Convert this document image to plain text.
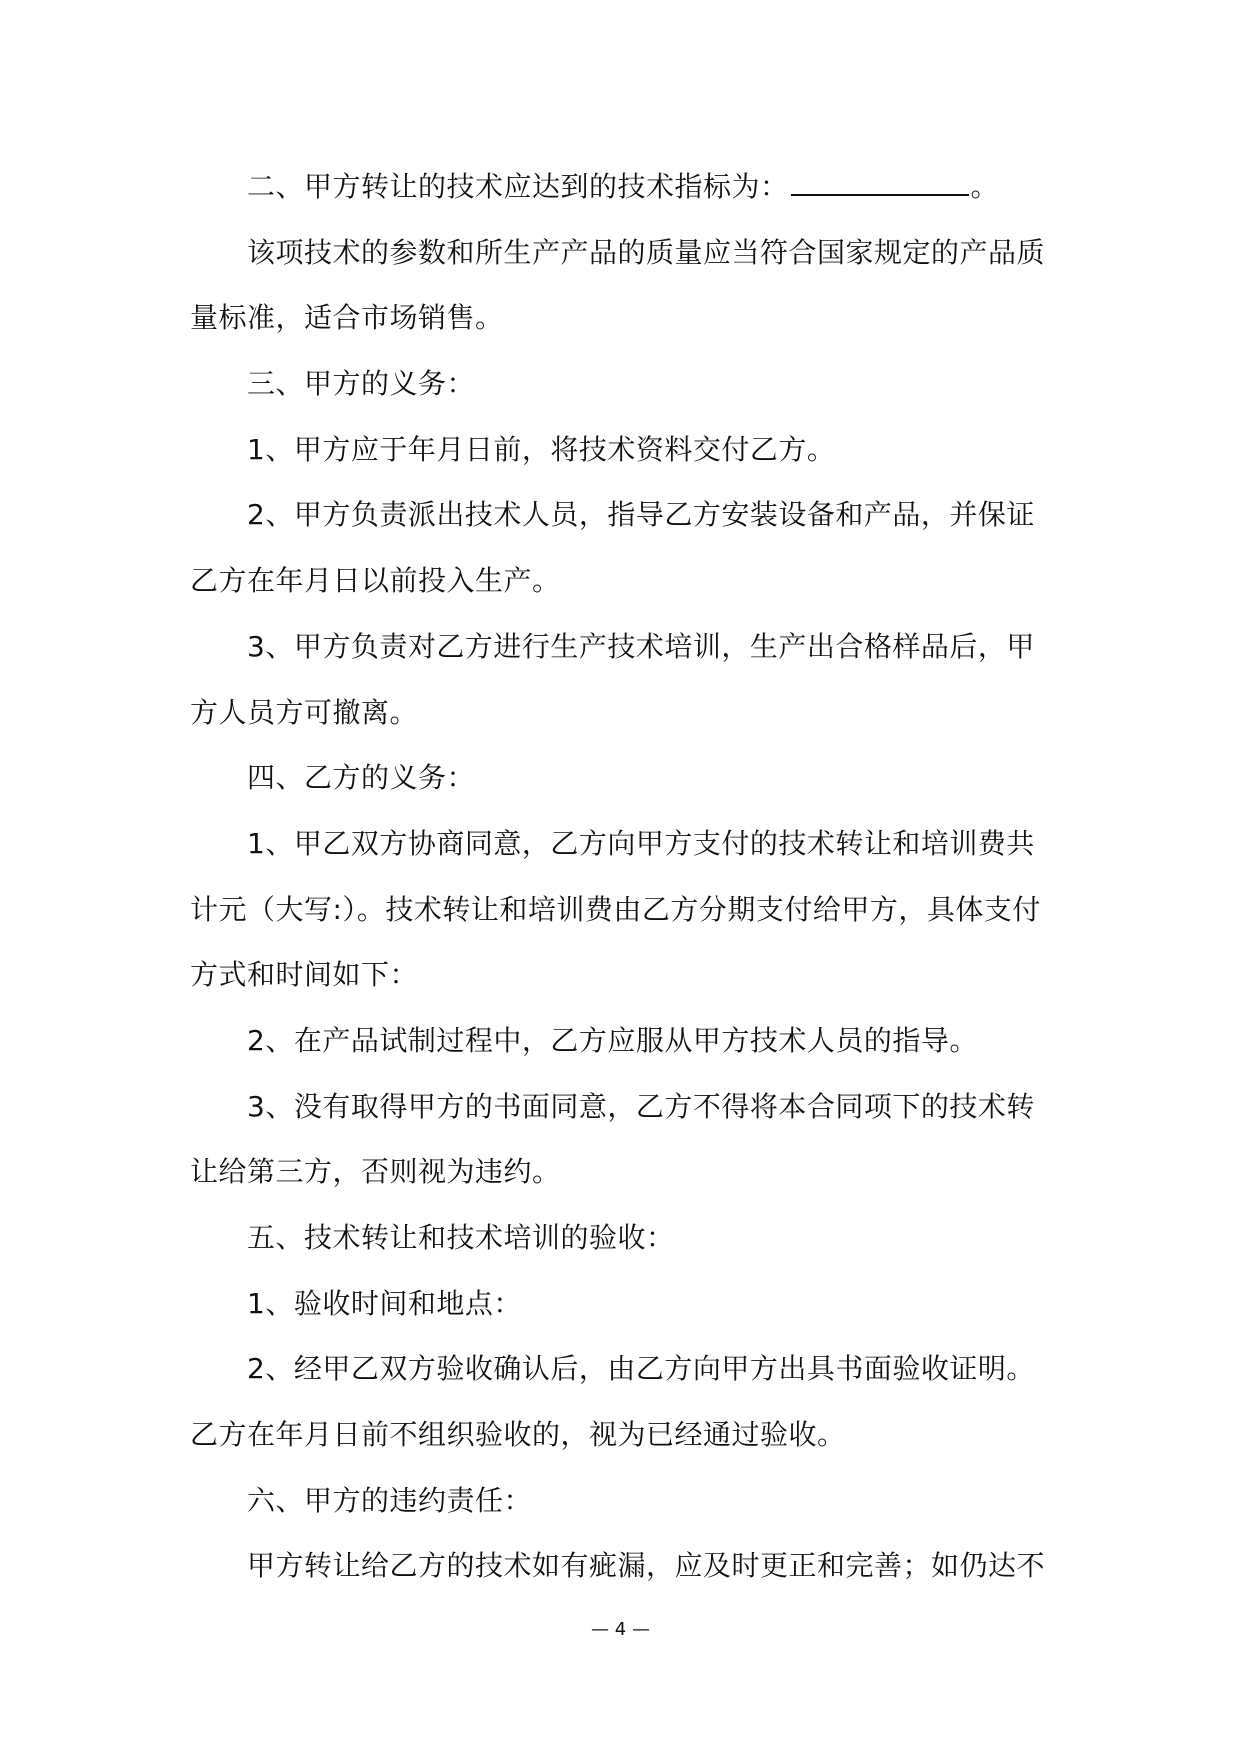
二、甲方转让的技术应达到的技术指标为：	。
该项技术的参数和所生产产品的质量应当符合国家规定的产品质
量标准，适合市场销售。
三、甲方的义务：
1、甲方应于年月日前，将技术资料交付乙方。
2、甲方负责派出技术人员，指导乙方安装设备和产品，并保证
乙方在年月日以前投入生产。
3、甲方负责对乙方进行生产技术培训，生产出合格样品后，甲
方人员方可撤离。
四、乙方的义务：
1、甲乙双方协商同意，乙方向甲方支付的技术转让和培训费共
计元（大写:）。技术转让和培训费由乙方分期支付给甲方，具体支付
方式和时间如下：
2、在产品试制过程中，乙方应服从甲方技术人员的指导。
3、没有取得甲方的书面同意，乙方不得将本合同项下的技术转
让给第三方，否则视为违约。
五、技术转让和技术培训的验收：
1、验收时间和地点：
2、经甲乙双方验收确认后，由乙方向甲方出具书面验收证明。
乙方在年月日前不组织验收的，视为已经通过验收。
六、甲方的违约责任：
甲方转让给乙方的技术如有疵漏，应及时更正和完善；如仍达不
— 4 —
